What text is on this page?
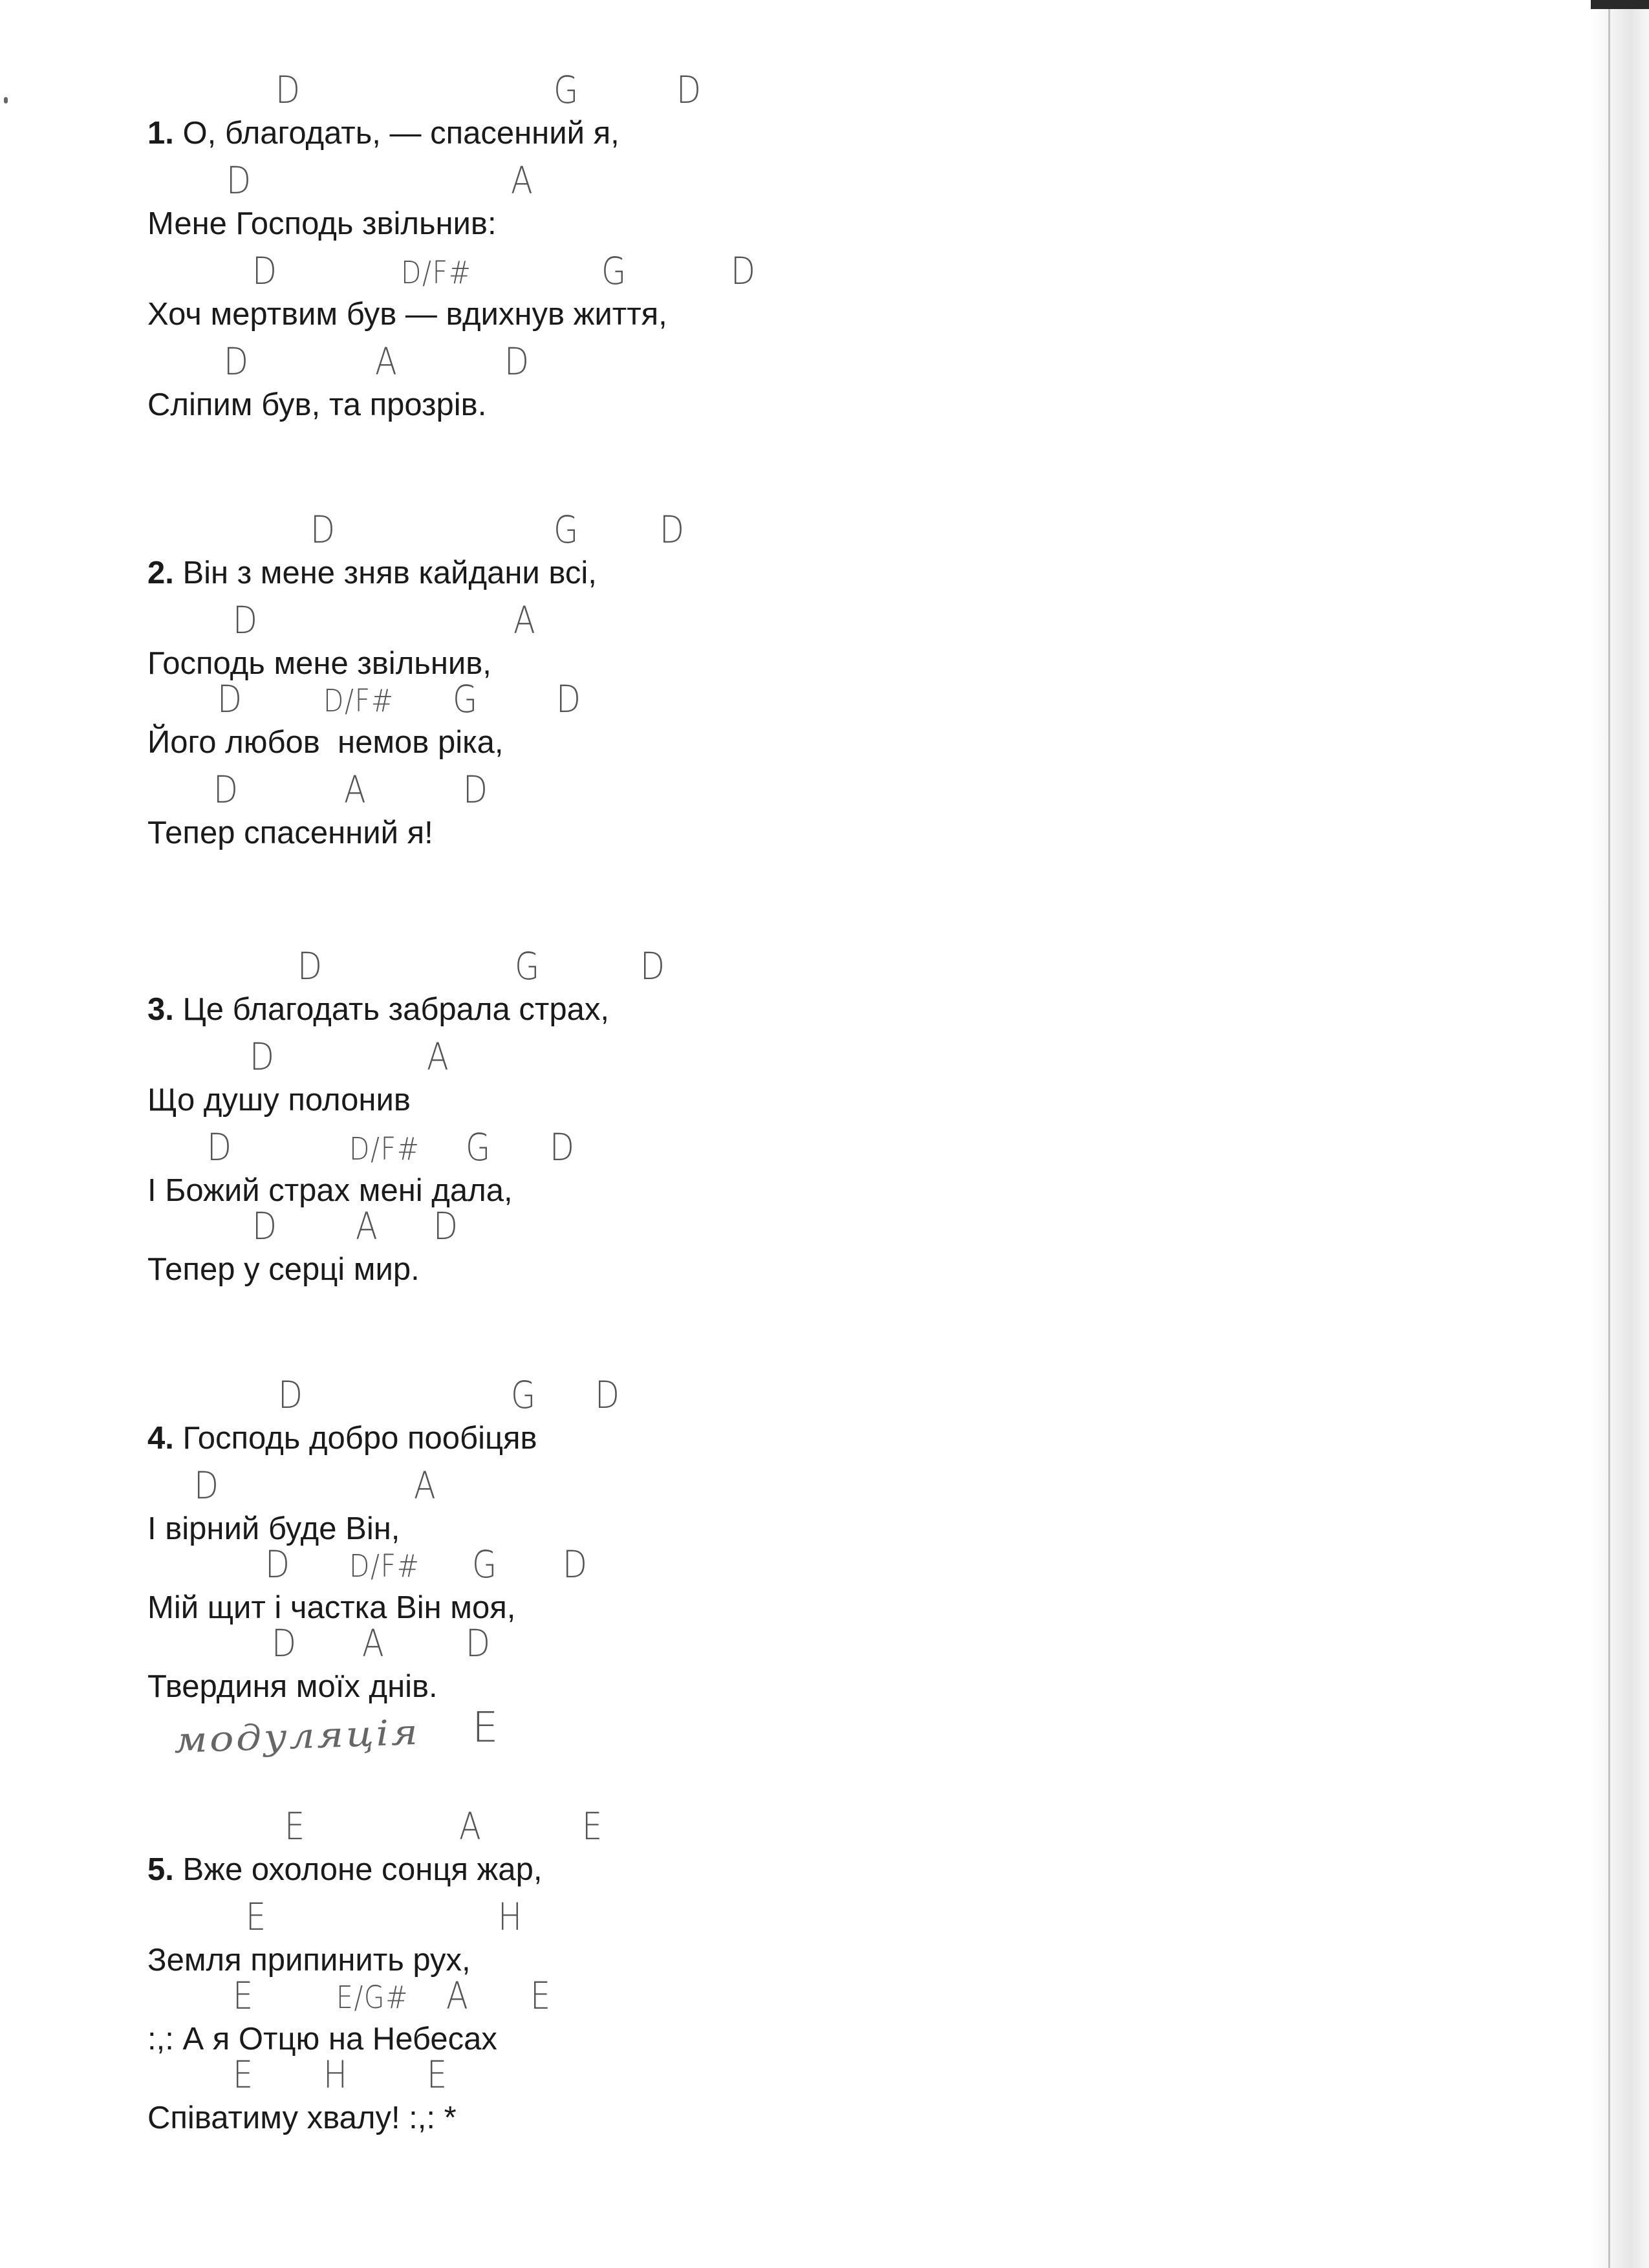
D	G	D
1. О, благодать, — спасенний я,
D	A
Мене Господь звільнив:
D	D/F#	G	D
Хоч мертвим був — вдихнув життя,
D	A	D
Сліпим був, та прозрів.
D	G D
2. Він з мене зняв кайдани всі,
D	A
Господь мене звільнив,
D	D/F# G D
Його любов  немов ріка,
D	A	D
Тепер спасенний я!
D	G	D
3. Це благодать забрала страх,
D	A
Що душу полонив
D	D/F# G D
І Божий страх мені дала,
D A D
Тепер у серці мир.
D	G D
4. Господь добро пообіцяв
D	A
І вірний буде Він,
D D/F# G D
Мій щит і частка Він моя,
D A D
Твердиня моїх днів.
модуляція E
E	A	E
5. Вже охолоне сонця жар,
E	H
Земля припинить рух,
E	E/G# A E
:,: А я Отцю на Небесах
E H E
Співатиму хвалу! :,: *
